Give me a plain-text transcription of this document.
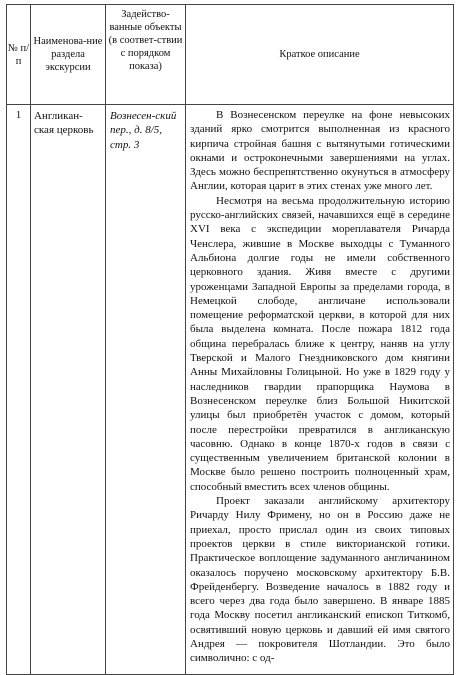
№ п/п	Наименова-ние раздела экскурсии	Задейство-ванные объекты (в соответ-ствии с порядком показа)	Краткое описание
1	Англикан-ская церковь	Вознесен-ский пер., д. 8/5, стр. 3	В Вознесенском переулке на фоне невысоких зданий ярко смотрится выполненная из красного кирпича стройная башня с вытянутыми готическими окнами и остроконечными завершениями на углах. Здесь можно беспрепятственно окунуться в атмосферу Англии, которая царит в этих стенах уже много лет.

Несмотря на весьма продолжительную историю русско-английских связей, начавшихся ещё в середине XVI века с экспедиции мореплавателя Ричарда Ченслера, жившие в Москве выходцы с Туманного Альбиона долгие годы не имели собственного церковного здания. Живя вместе с другими уроженцами Западной Европы за пределами города, в Немецкой слободе, англичане использовали помещение реформатской церкви, в которой для них была выделена комната. После пожара 1812 года община перебралась ближе к центру, наняв на углу Тверской и Малого Гнездниковского дом княгини Анны Михайловны Голицыной. Но уже в 1829 году у наследников гвардии прапорщика Наумова в Вознесенском переулке близ Большой Никитской улицы был приобретён участок с домом, который после перестройки превратился в англиканскую часовню. Однако в конце 1870-х годов в связи с существенным увеличением британской колонии в Москве было решено построить полноценный храм, способный вместить всех членов общины.

Проект заказали английскому архитектору Ричарду Нилу Фримену, но он в Россию даже не приехал, просто прислал один из своих типовых проектов церкви в стиле викторианской готики. Практическое воплощение задуманного англичанином оказалось поручено московскому архитектору Б.В. Фрейденбергу. Возведение началось в 1882 году и всего через два года было завершено. В январе 1885 года Москву посетил англиканский епископ Титкомб, освятивший новую церковь и давший ей имя святого Андрея — покровителя Шотландии. Это было символично: с од-
